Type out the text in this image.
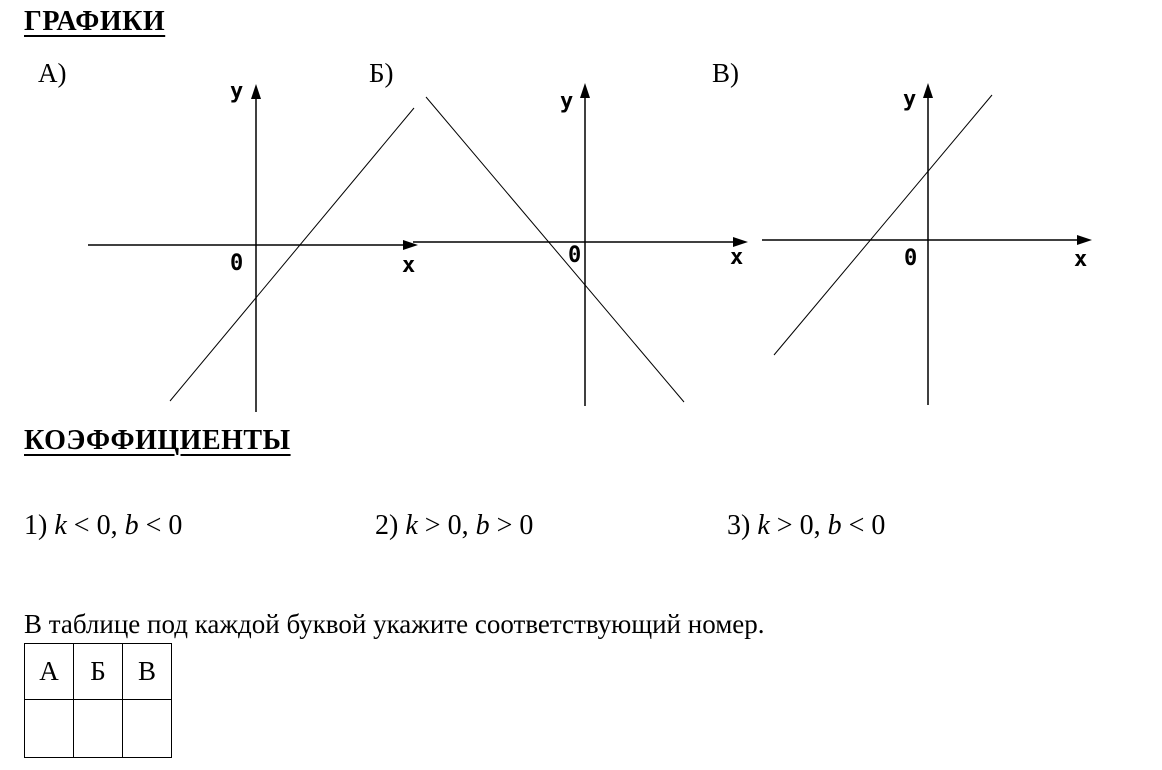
ГРАФИКИ
А)	Б)	В)
y
x
0
y
x
0
y
x
0
КОЭФФИЦИЕНТЫ
1) k < 0, b < 0	2) k > 0, b > 0	3) k > 0, b < 0
В таблице под каждой буквой укажите соответствующий номер.
А	Б	В
